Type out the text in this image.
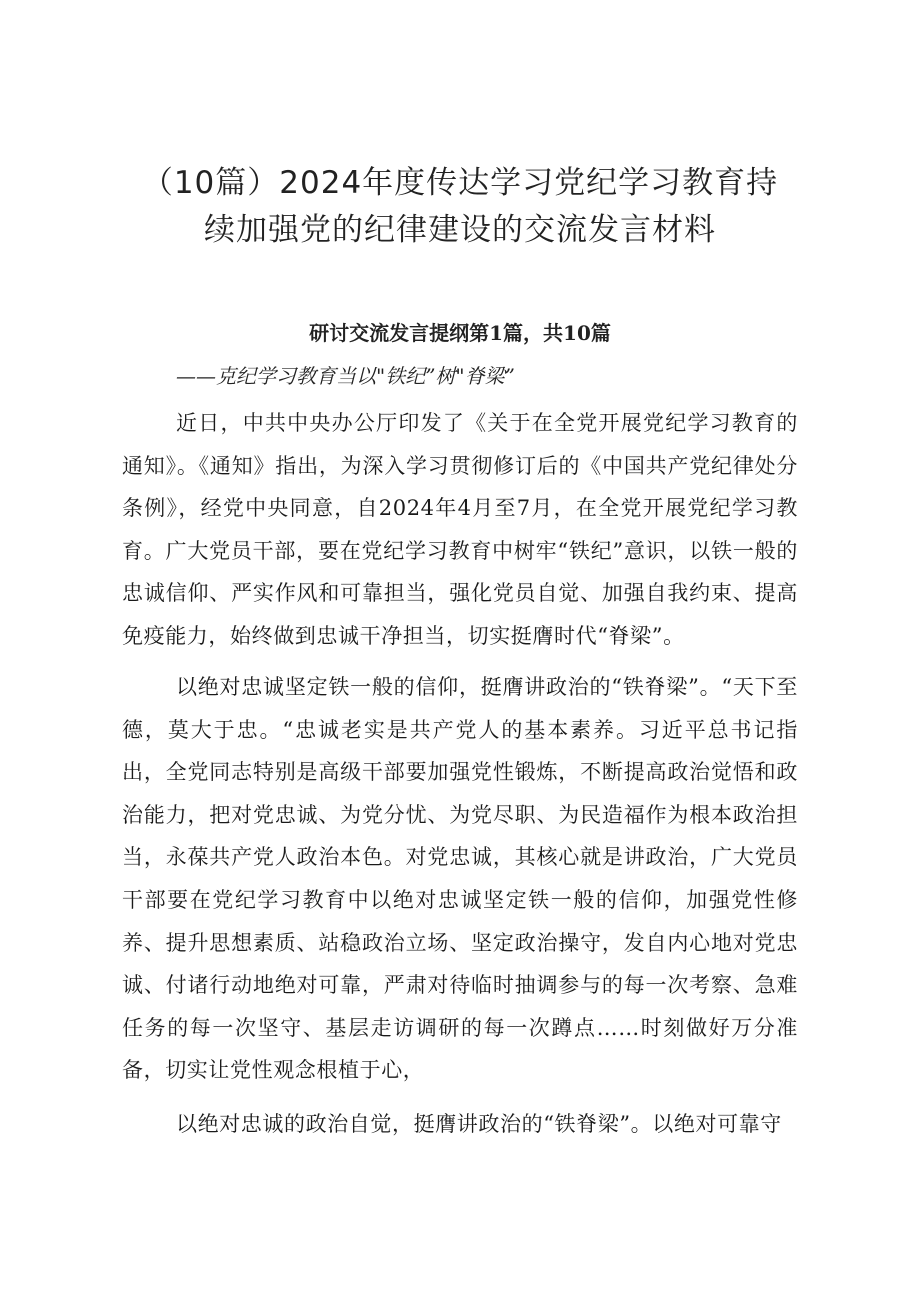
（10篇）2024年度传达学习党纪学习教育持
续加强党的纪律建设的交流发言材料

研讨交流发言提纲第1篇，共10篇

——克纪学习教育当以"铁纪”树"脊梁”

近日，中共中央办公厅印发了《关于在全党开展党纪学习教育的通知》。《通知》指出，为深入学习贯彻修订后的《中国共产党纪律处分条例》，经党中央同意，自2024年4月至7月，在全党开展党纪学习教育。广大党员干部，要在党纪学习教育中树牢“铁纪”意识，以铁一般的忠诚信仰、严实作风和可靠担当，强化党员自觉、加强自我约束、提高免疫能力，始终做到忠诚干净担当，切实挺膺时代“脊梁”。

以绝对忠诚坚定铁一般的信仰，挺膺讲政治的“铁脊梁”。“天下至德，莫大于忠。“忠诚老实是共产党人的基本素养。习近平总书记指出，全党同志特别是高级干部要加强党性锻炼，不断提高政治觉悟和政治能力，把对党忠诚、为党分忧、为党尽职、为民造福作为根本政治担当，永葆共产党人政治本色。对党忠诚，其核心就是讲政治，广大党员干部要在党纪学习教育中以绝对忠诚坚定铁一般的信仰，加强党性修养、提升思想素质、站稳政治立场、坚定政治操守，发自内心地对党忠诚、付诸行动地绝对可靠，严肃对待临时抽调参与的每一次考察、急难任务的每一次坚守、基层走访调研的每一次蹲点……时刻做好万分准备，切实让党性观念根植于心，

以绝对忠诚的政治自觉，挺膺讲政治的“铁脊梁”。以绝对可靠守
